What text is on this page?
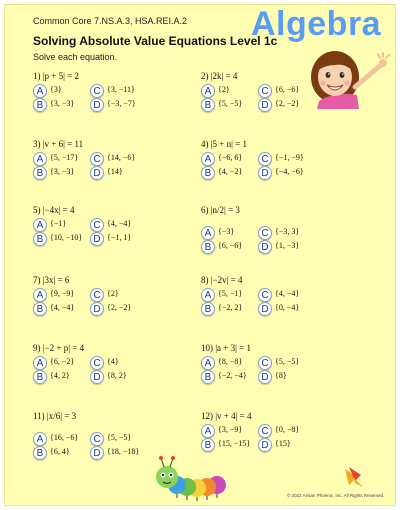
Common Core 7.NS.A.3, HSA.REI.A.2 Algebra
Solving Absolute Value Equations Level 1c
Solve each equation.
1) |p + 5| = 2
A {3}
B {3, −3}
C {3, −11}
D {−3, −7}
2) |2k| = 4
A {2}
B {5, −5}
C {6, −6}
D {2, −2}
3) |v + 6| = 11
A {5, −17}
B {3, −3}
C {14, −6}
D {14}
4) |5 + n| = 1
A {−6, 6}
B {4, −2}
C {−1, −9}
D {−4, −6}
5) |−4x| = 4
A {−1}
B {10, −10}
C {4, −4}
D {−1, 1}
6) |n/2| = 3
A {−3}
B {6, −6}
C {−3, 3}
D {1, −3}
7) |3x| = 6
A {9, −9}
B {4, −4}
C {2}
D {2, −2}
8) |−2v| = 4
A {5, −1}
B {−2, 2}
C {4, −4}
D {0, −4}
9) |−2 + p| = 4
A {6, −2}
B {4, 2}
C {4}
D {8, 2}
10) |a + 3| = 1
A {8, −8}
B {−2, −4}
C {5, −5}
D {8}
11) |x/6| = 3
A {16, −6}
B {6, 4}
C {5, −5}
D {18, −18}
12) |v + 4| = 4
A {3, −9}
B {15, −15}
C {0, −8}
D {15}
© 2022 Arisan Phoenix, Inc. All Rights Reserved.
